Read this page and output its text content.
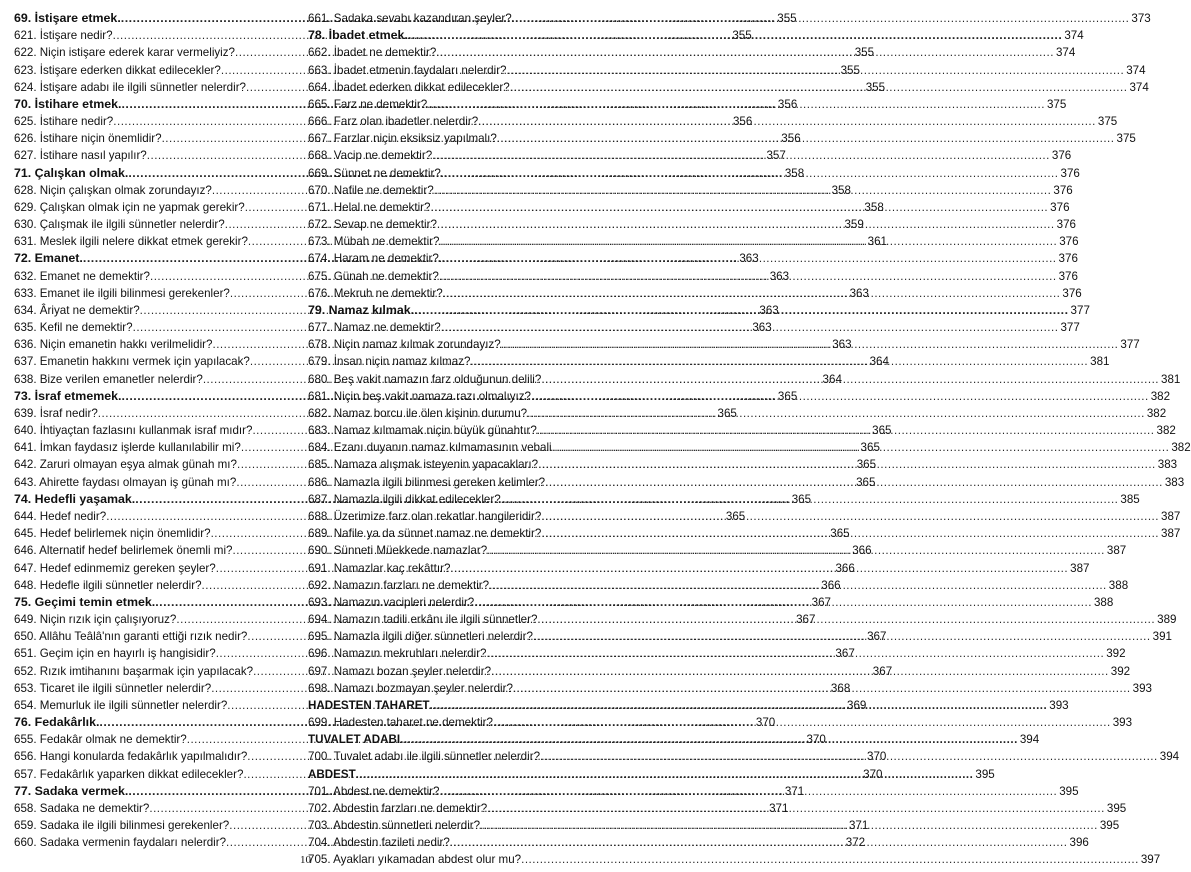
69. İstişare etmek. .....	355
621. İstişare nedir? .....	355
622. Niçin istişare ederek karar vermeliyiz? .....	355
623. İstişare ederken dikkat edilecekler? .....	355
624. İstişare adabı ile ilgili sünnetler nelerdir? .....	355
70. İstihare etmek. .....	356
625. İstihare nedir? .....	356
626. İstihare niçin önemlidir? .....	356
627. İstihare nasıl yapılır? .....	357
71. Çalışkan olmak. .....	358
628. Niçin çalışkan olmak zorundayız? .....	358
629. Çalışkan olmak için ne yapmak gerekir? .....	358
630. Çalışmak ile ilgili sünnetler nelerdir? .....	359
631. Meslek ilgili nelere dikkat etmek gerekir? .....	361
72. Emanet. .....	363
632. Emanet ne demektir? .....	363
633. Emanet ile ilgili bilinmesi gerekenler? .....	363
634. Âriyat ne demektir? .....	363
635. Kefil ne demektir? .....	363
636. Niçin emanetin hakkı verilmelidir? .....	363
637. Emanetin hakkını vermek için yapılacak? .....	364
638. Bize verilen emanetler nelerdir? .....	364
73. İsraf etmemek. .....	365
639. İsraf nedir? .....	365
640. İhtiyaçtan fazlasını kullanmak israf mıdır? .....	365
641. İmkan faydasız işlerde kullanılabilir mi? .....	365
642. Zaruri olmayan eşya almak günah mı? .....	365
643. Ahirette faydası olmayan iş günah mı? .....	365
74. Hedefli yaşamak. .....	365
644. Hedef nedir? .....	365
645. Hedef belirlemek niçin önemlidir? .....	365
646. Alternatif hedef belirlemek önemli mi? .....	366
647. Hedef edinmemiz gereken şeyler? .....	366
648. Hedefle ilgili sünnetler nelerdir? .....	366
75. Geçimi temin etmek. .....	367
649. Niçin rızık için çalışıyoruz? .....	367
650. Allâhu Teâlâ'nın garanti ettiği rızık nedir? .....	367
651. Geçim için en hayırlı iş hangisidir? .....	367
652. Rızık imtihanını başarmak için yapılacak? .....	367
653. Ticaret ile ilgili sünnetler nelerdir? .....	368
654. Memurluk ile ilgili sünnetler nelerdir? .....	369
76. Fedakârlık. .....	370
655. Fedakâr olmak ne demektir? .....	370
656. Hangi konularda fedakârlık yapılmalıdır? .....	370
657. Fedakârlık yaparken dikkat edilecekler? .....	370
77. Sadaka vermek. .....	371
658. Sadaka ne demektir? .....	371
659. Sadaka ile ilgili bilinmesi gerekenler? .....	371
660. Sadaka vermenin faydaları nelerdir? .....	372
661. Sadaka sevabı kazandıran şeyler? .....	373
78. İbadet etmek. .....	374
662. İbadet ne demektir? .....	374
663. İbadet etmenin faydaları nelerdir? .....	374
664. İbadet ederken dikkat edilecekler? .....	374
665. Farz ne demektir? .....	375
666. Farz olan ibadetler nelerdir? .....	375
667. Farzlar niçin eksiksiz yapılmalı? .....	375
668. Vacip ne demektir? .....	376
669. Sünnet ne demektir? .....	376
670. Nafile ne demektir? .....	376
671. Helal ne demektir? .....	376
672. Sevap ne demektir? .....	376
673. Mübah ne demektir? .....	376
674. Haram ne demektir? .....	376
675. Günah ne demektir? .....	376
676. Mekruh ne demektir? .....	376
79. Namaz kılmak. .....	377
677. Namaz ne demektir? .....	377
678. Niçin namaz kılmak zorundayız? .....	377
679. İnsan niçin namaz kılmaz? .....	381
680. Beş vakit namazın farz olduğunun delili? .....	381
681. Niçin beş vakit namaza razı olmalıyız? .....	382
682. Namaz borcu ile ölen kişinin durumu? .....	382
683. Namaz kılmamak niçin büyük günahtır? .....	382
684. Ezanı duyanın namaz kılmamasının vebali .....	382
685. Namaza alışmak isteyenin yapacakları? .....	383
686. Namazla ilgili bilinmesi gereken kelimler? .....	383
687. Namazla ilgili dikkat edilecekler? .....	385
688. Üzerimize farz olan rekatlar hangileridir? .....	387
689. Nafile ya da sünnet namaz ne demektir? .....	387
690. Sünneti Müekkede namazlar? .....	387
691. Namazlar kaç rekâttır? .....	387
692. Namazın farzları ne demektir? .....	388
693. Namazın vacipleri nelerdir? .....	388
694. Namazın tadili erkânı ile ilgili sünnetler? .....	389
695. Namazla ilgili diğer sünnetleri nelerdir? .....	391
696. Namazın mekruhları nelerdir? .....	392
697. Namazı bozan şeyler nelerdir? .....	392
698. Namazı bozmayan şeyler nelerdir? .....	393
HADESTEN TAHARET .....	393
699. Hadesten taharet ne demektir? .....	393
TUVALET ADABI .....	394
700. Tuvalet adabı ile ilgili sünnetler nelerdir? .....	394
ABDEST .....	395
701. Abdest ne demektir? .....	395
702. Abdestin farzları ne demektir? .....	395
703. Abdestin sünnetleri nelerdir? .....	395
704. Abdestin fazileti nedir? .....	396
705. Ayakları yıkamadan abdest olur mu? .....	397
10
